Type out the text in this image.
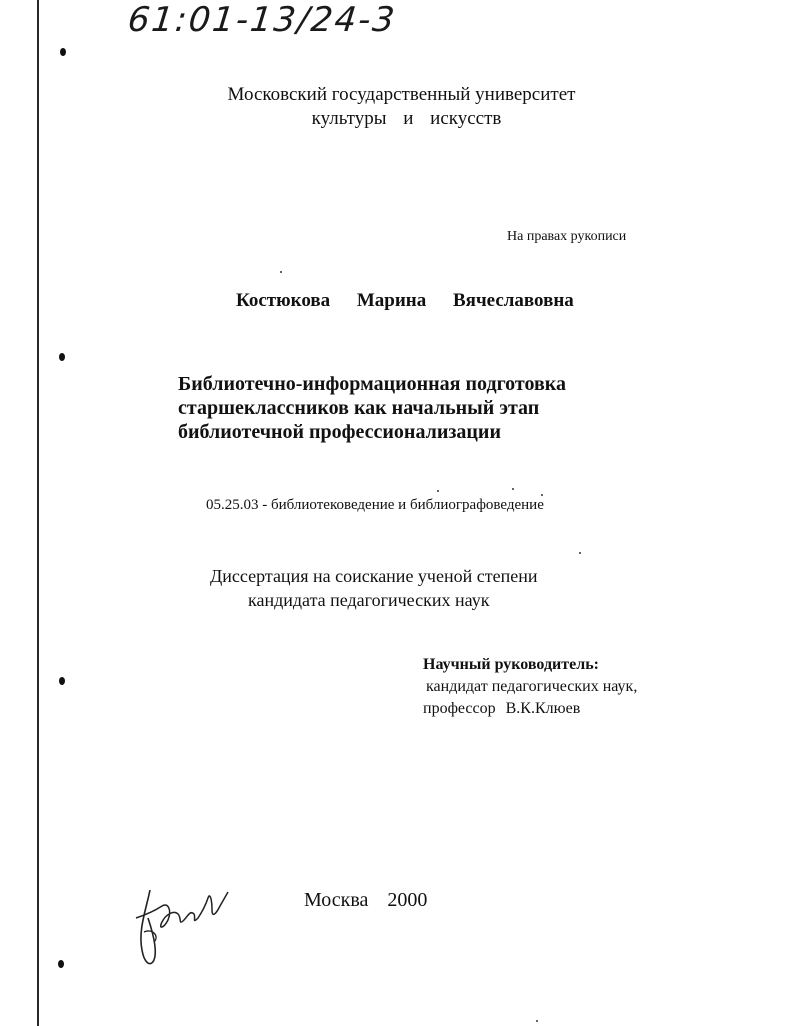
61:01-13/24-3
Московский государственный университет
культуры и искусств
На правах рукописи
Костюкова Марина Вячеславовна
Библиотечно-информационная подготовка
старшеклассников как начальный этап
библиотечной профессионализации
05.25.03 - библиотековедение и библиографоведение
Диссертация на соискание ученой степени
кандидата педагогических наук
Научный руководитель:
кандидат педагогических наук,
профессор В.К.Клюев
Москва 2000
